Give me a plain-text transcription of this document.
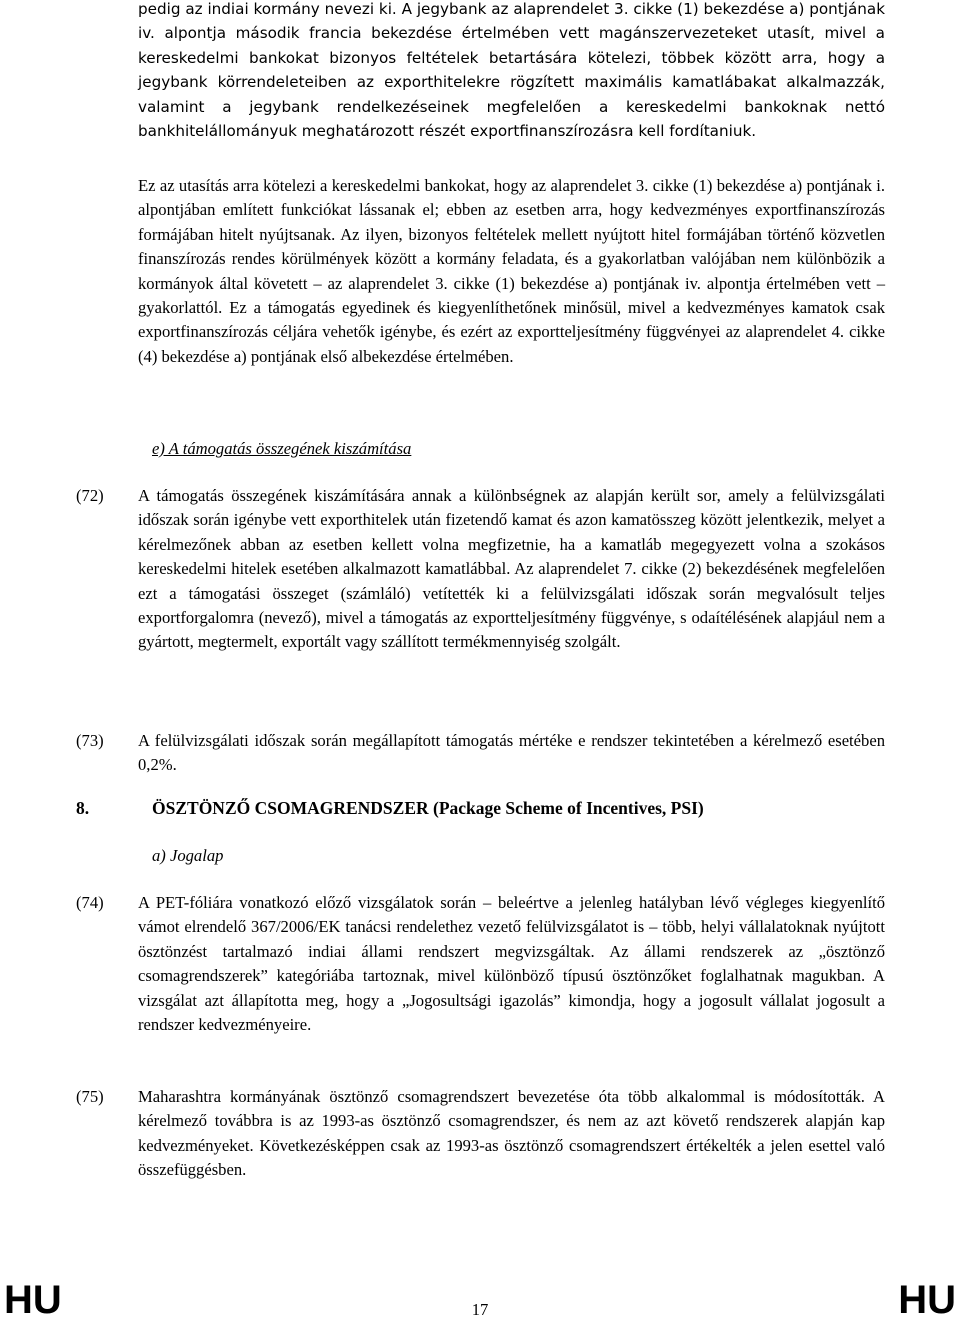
pedig az indiai kormány nevezi ki. A jegybank az alaprendelet 3. cikke (1) bekezdése a) pontjának iv. alpontja második francia bekezdése értelmében vett magánszervezeteket utasít, mivel a kereskedelmi bankokat bizonyos feltételek betartására kötelezi, többek között arra, hogy a jegybank körrendeleteiben az exporthitelekre rögzített maximális kamatlábakat alkalmazzák, valamint a jegybank rendelkezéseinek megfelelően a kereskedelmi bankoknak nettó bankhitelállományuk meghatározott részét exportfinanszírozásra kell fordítaniuk.
Ez az utasítás arra kötelezi a kereskedelmi bankokat, hogy az alaprendelet 3. cikke (1) bekezdése a) pontjának i. alpontjában említett funkciókat lássanak el; ebben az esetben arra, hogy kedvezményes exportfinanszírozás formájában hitelt nyújtsanak. Az ilyen, bizonyos feltételek mellett nyújtott hitel formájában történő közvetlen finanszírozás rendes körülmények között a kormány feladata, és a gyakorlatban valójában nem különbözik a kormányok által követett – az alaprendelet 3. cikke (1) bekezdése a) pontjának iv. alpontja értelmében vett – gyakorlattól. Ez a támogatás egyedinek és kiegyenlíthetőnek minősül, mivel a kedvezményes kamatok csak exportfinanszírozás céljára vehetők igénybe, és ezért az exportteljesítmény függvényei az alaprendelet 4. cikke (4) bekezdése a) pontjának első albekezdése értelmében.
e) A támogatás összegének kiszámítása
(72) A támogatás összegének kiszámítására annak a különbségnek az alapján került sor, amely a felülvizsgálati időszak során igénybe vett exporthitelek után fizetendő kamat és azon kamatösszeg között jelentkezik, melyet a kérelmezőnek abban az esetben kellett volna megfizetnie, ha a kamatláb megegyezett volna a szokásos kereskedelmi hitelek esetében alkalmazott kamatlábbal. Az alaprendelet 7. cikke (2) bekezdésének megfelelően ezt a támogatási összeget (számláló) vetítették ki a felülvizsgálati időszak során megvalósult teljes exportforgalomra (nevező), mivel a támogatás az exportteljesítmény függvénye, s odaítélésének alapjául nem a gyártott, megtermelt, exportált vagy szállított termékmennyiség szolgált.
(73) A felülvizsgálati időszak során megállapított támogatás mértéke e rendszer tekintetében a kérelmező esetében 0,2%.
8.	ÖSZTÖNZŐ CSOMAGRENDSZER (Package Scheme of Incentives, PSI)
a) Jogalap
(74) A PET-fóliára vonatkozó előző vizsgálatok során – beleértve a jelenleg hatályban lévő végleges kiegyenlítő vámot elrendelő 367/2006/EK tanácsi rendelethez vezető felülvizsgálatot is – több, helyi vállalatoknak nyújtott ösztönzést tartalmazó indiai állami rendszert megvizsgáltak. Az állami rendszerek az „ösztönző csomagrendszerek” kategóriába tartoznak, mivel különböző típusú ösztönzőket foglalhatnak magukban. A vizsgálat azt állapította meg, hogy a „Jogosultsági igazolás” kimondja, hogy a jogosult vállalat jogosult a rendszer kedvezményeire.
(75) Maharashtra kormányának ösztönző csomagrendszert bevezetése óta több alkalommal is módosították. A kérelmező továbbra is az 1993-as ösztönző csomagrendszer, és nem az azt követő rendszerek alapján kap kedvezményeket. Következésképpen csak az 1993-as ösztönző csomagrendszert értékelték a jelen esettel való összefüggésben.
HU	17	HU
